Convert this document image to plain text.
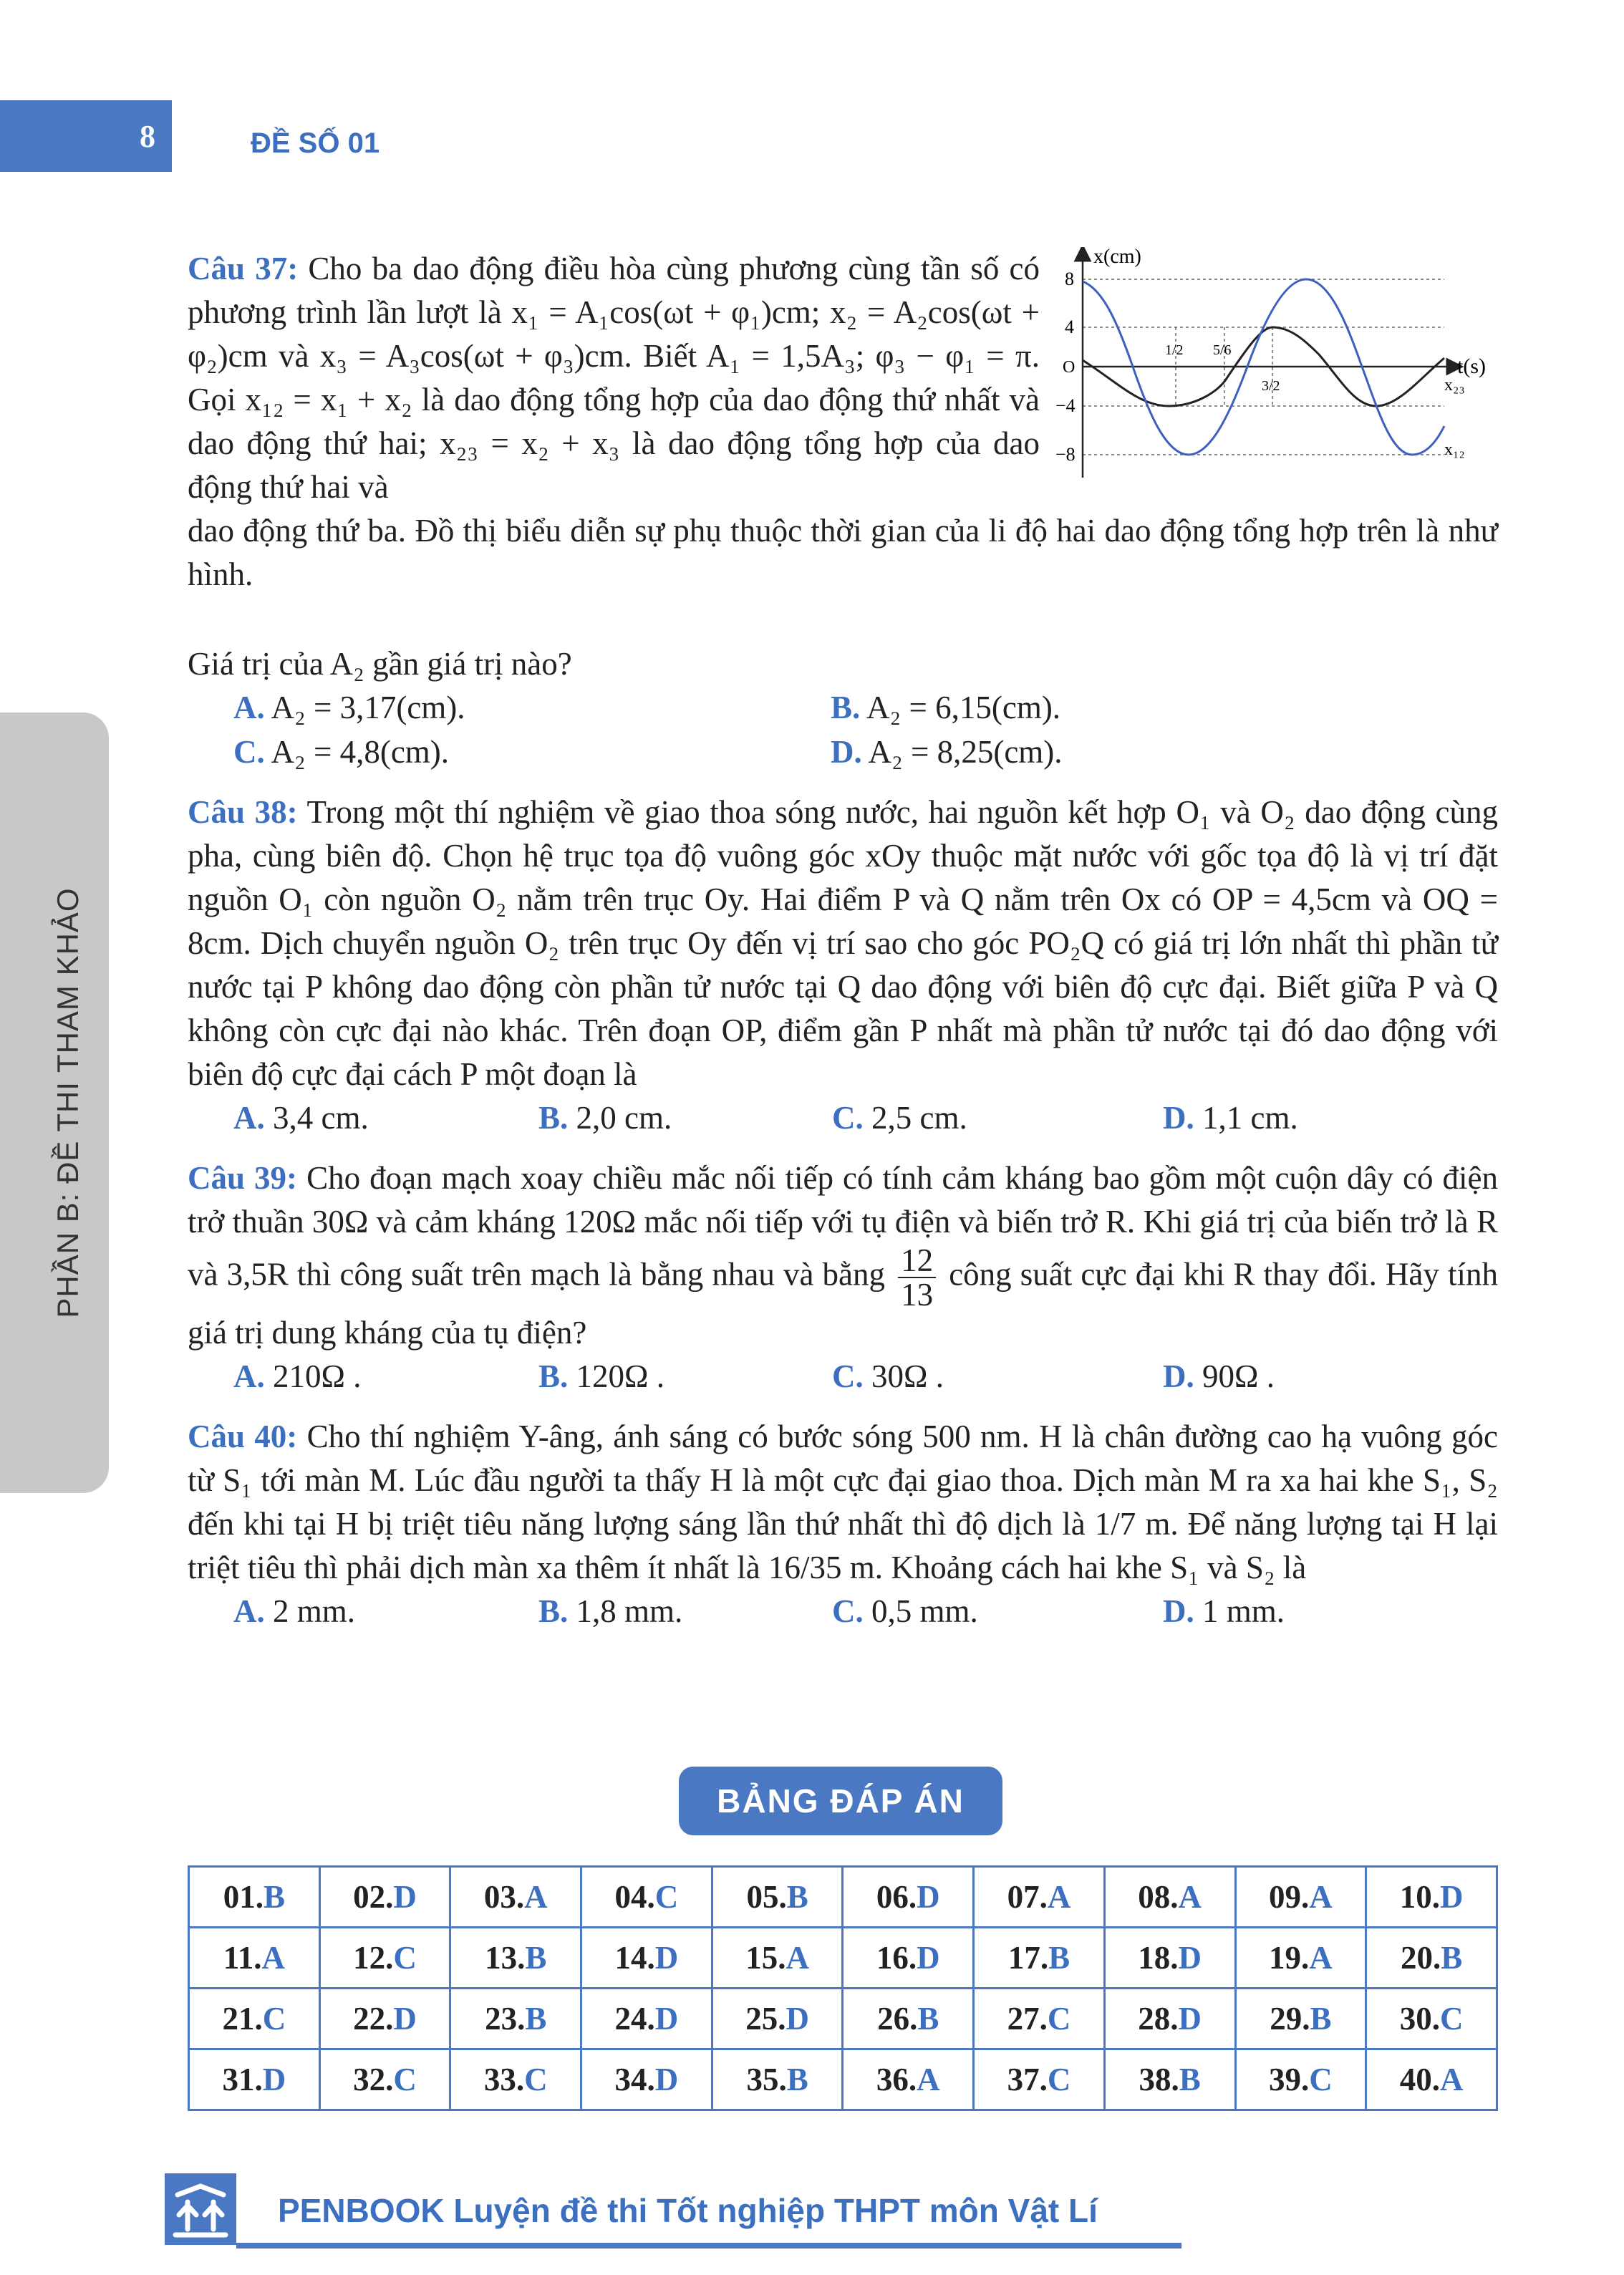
8	ĐỀ SỐ 01
PHẦN B: ĐỀ THI THAM KHẢO
Câu 37: Cho ba dao động điều hòa cùng phương cùng tần số có phương trình lần lượt là x₁ = A₁cos(ωt + φ₁)cm; x₂ = A₂cos(ωt + φ₂)cm và x₃ = A₃cos(ωt + φ₃)cm. Biết A₁ = 1,5A₃; φ₃ − φ₁ = π. Gọi x₁₂ = x₁ + x₂ là dao động tổng hợp của dao động thứ nhất và dao động thứ hai; x₂₃ = x₂ + x₃ là dao động tổng hợp của dao động thứ hai và
x(cm)
t(s)
O
8
4
−4
−8
1/2 5/6
3/2	x₂₃
x₁₂
dao động thứ ba. Đồ thị biểu diễn sự phụ thuộc thời gian của li độ hai dao động tổng hợp trên là như hình.
Giá trị của A₂ gần giá trị nào?
A. A₂ = 3,17(cm).	B. A₂ = 6,15(cm).
C. A₂ = 4,8(cm).	D. A₂ = 8,25(cm).
Câu 38: Trong một thí nghiệm về giao thoa sóng nước, hai nguồn kết hợp O₁ và O₂ dao động cùng pha, cùng biên độ. Chọn hệ trục tọa độ vuông góc xOy thuộc mặt nước với gốc tọa độ là vị trí đặt nguồn O₁ còn nguồn O₂ nằm trên trục Oy. Hai điểm P và Q nằm trên Ox có OP = 4,5cm và OQ = 8cm. Dịch chuyển nguồn O₂ trên trục Oy đến vị trí sao cho góc PO₂Q có giá trị lớn nhất thì phần tử nước tại P không dao động còn phần tử nước tại Q dao động với biên độ cực đại. Biết giữa P và Q không còn cực đại nào khác. Trên đoạn OP, điểm gần P nhất mà phần tử nước tại đó dao động với biên độ cực đại cách P một đoạn là
A. 3,4 cm.	B. 2,0 cm.	C. 2,5 cm.	D. 1,1 cm.
Câu 39: Cho đoạn mạch xoay chiều mắc nối tiếp có tính cảm kháng bao gồm một cuộn dây có điện trở thuần 30Ω và cảm kháng 120Ω mắc nối tiếp với tụ điện và biến trở R. Khi giá trị của biến trở là R và 3,5R thì công suất trên mạch là bằng nhau và bằng $\frac{12}{13}$ công suất cực đại khi R thay đổi. Hãy tính giá trị dung kháng của tụ điện?
A. 210Ω .	B. 120Ω .	C. 30Ω .	D. 90Ω .
Câu 40: Cho thí nghiệm Y-âng, ánh sáng có bước sóng 500 nm. H là chân đường cao hạ vuông góc từ S₁ tới màn M. Lúc đầu người ta thấy H là một cực đại giao thoa. Dịch màn M ra xa hai khe S₁, S₂ đến khi tại H bị triệt tiêu năng lượng sáng lần thứ nhất thì độ dịch là 1/7 m. Để năng lượng tại H lại triệt tiêu thì phải dịch màn xa thêm ít nhất là 16/35 m. Khoảng cách hai khe S₁ và S₂ là
A. 2 mm.	B. 1,8 mm.	C. 0,5 mm.	D. 1 mm.
BẢNG ĐÁP ÁN
01.B	02.D	03.A	04.C	05.B	06.D	07.A	08.A	09.A	10.D
11.A	12.C	13.B	14.D	15.A	16.D	17.B	18.D	19.A	20.B
21.C	22.D	23.B	24.D	25.D	26.B	27.C	28.D	29.B	30.C
31.D	32.C	33.C	34.D	35.B	36.A	37.C	38.B	39.C	40.A
PENBOOK Luyện đề thi Tốt nghiệp THPT môn Vật Lí
